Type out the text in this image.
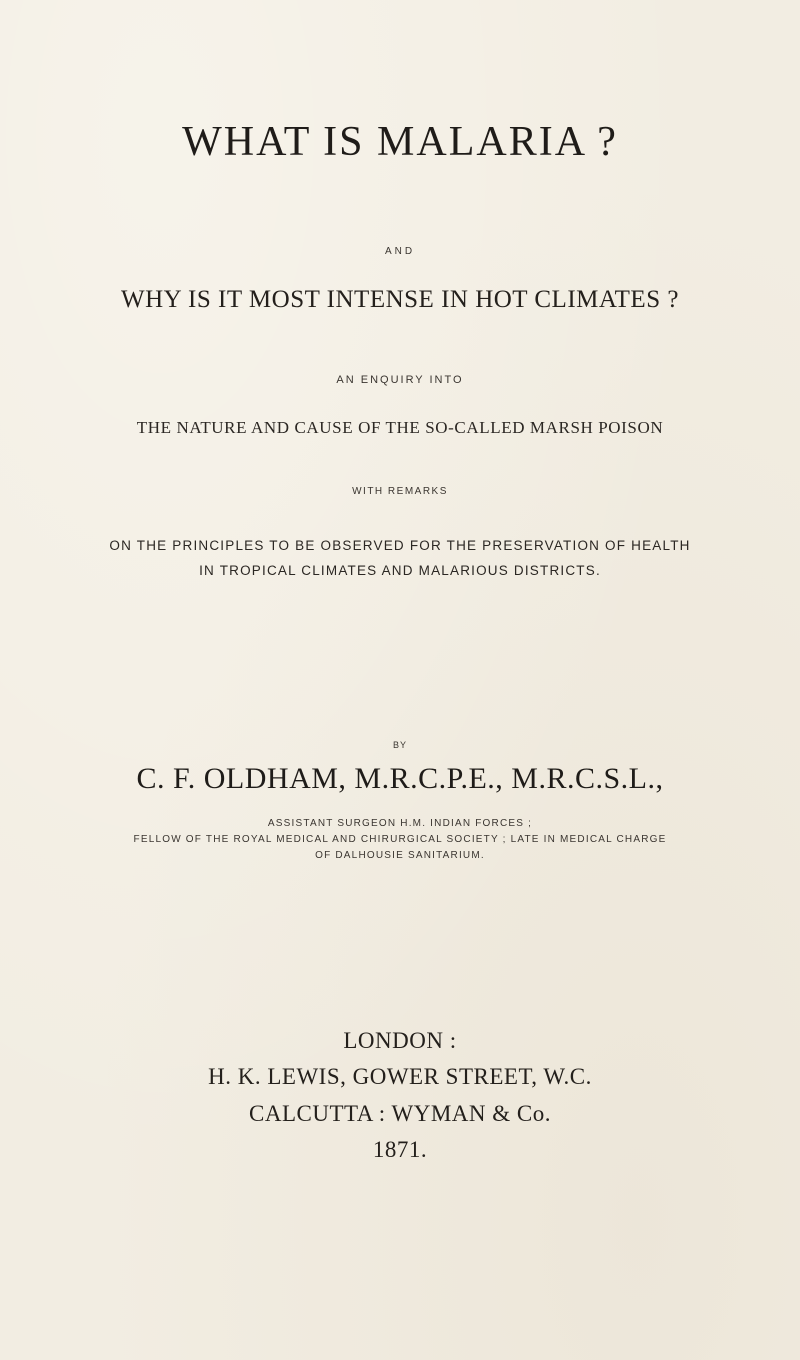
WHAT IS MALARIA ?
AND
WHY IS IT MOST INTENSE IN HOT CLIMATES ?
AN ENQUIRY INTO
THE NATURE AND CAUSE OF THE SO-CALLED MARSH POISON
WITH REMARKS
ON THE PRINCIPLES TO BE OBSERVED FOR THE PRESERVATION OF HEALTH
IN TROPICAL CLIMATES AND MALARIOUS DISTRICTS.
BY
C. F. OLDHAM, M.R.C.P.E., M.R.C.S.L.,
ASSISTANT SURGEON H.M. INDIAN FORCES ;
FELLOW OF THE ROYAL MEDICAL AND CHIRURGICAL SOCIETY ; LATE IN MEDICAL CHARGE
OF DALHOUSIE SANITARIUM.
LONDON :
H. K. LEWIS, GOWER STREET, W.C.
CALCUTTA : WYMAN & Co.
1871.
